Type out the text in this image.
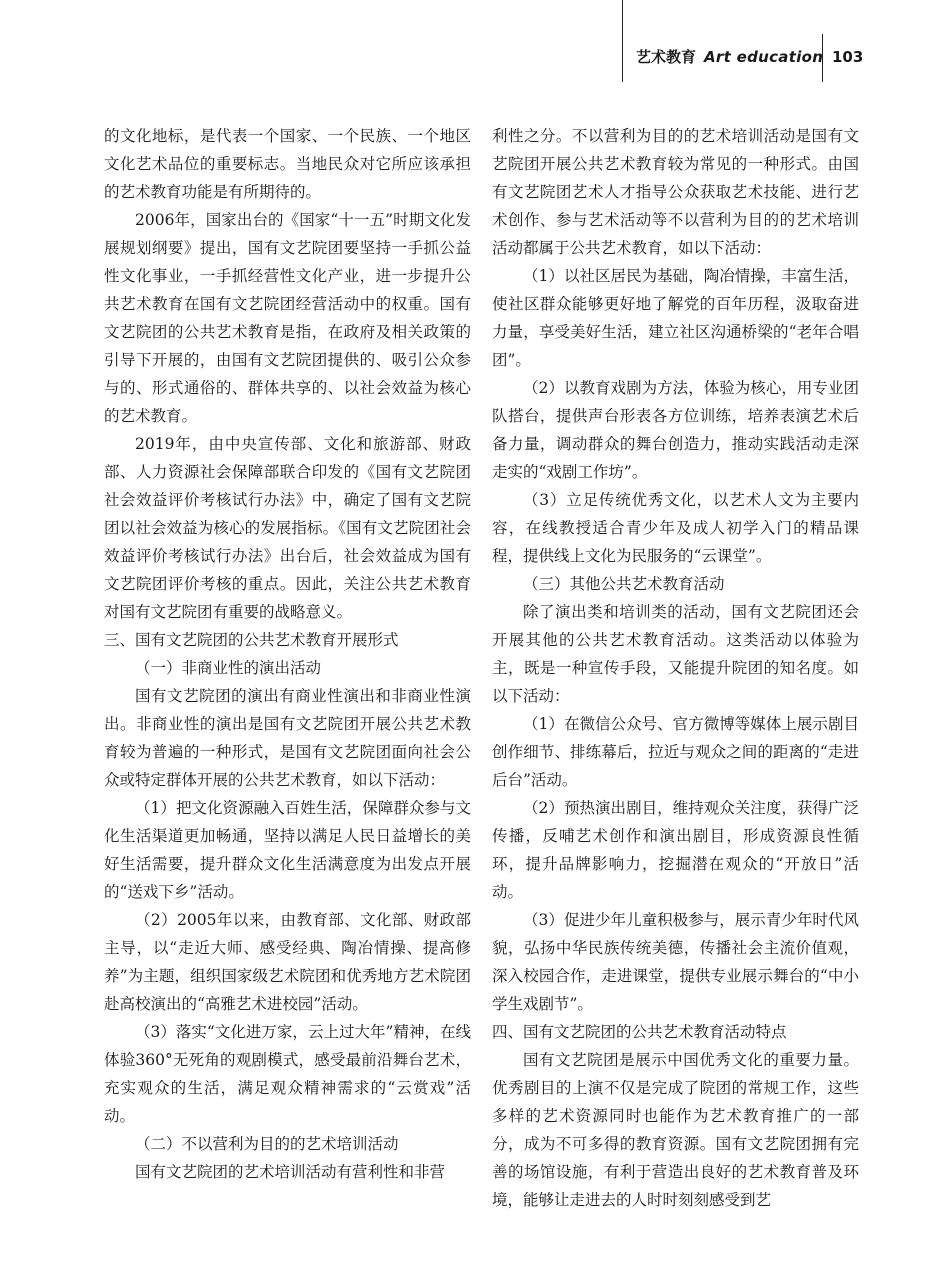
艺术教育 Art education 103

的文化地标，是代表一个国家、一个民族、一个地区文化艺术品位的重要标志。当地民众对它所应该承担的艺术教育功能是有所期待的。

2006年，国家出台的《国家“十一五”时期文化发展规划纲要》提出，国有文艺院团要坚持一手抓公益性文化事业，一手抓经营性文化产业，进一步提升公共艺术教育在国有文艺院团经营活动中的权重。国有文艺院团的公共艺术教育是指，在政府及相关政策的引导下开展的，由国有文艺院团提供的、吸引公众参与的、形式通俗的、群体共享的、以社会效益为核心的艺术教育。

2019年，由中央宣传部、文化和旅游部、财政部、人力资源社会保障部联合印发的《国有文艺院团社会效益评价考核试行办法》中，确定了国有文艺院团以社会效益为核心的发展指标。《国有文艺院团社会效益评价考核试行办法》出台后，社会效益成为国有文艺院团评价考核的重点。因此，关注公共艺术教育对国有文艺院团有重要的战略意义。

三、国有文艺院团的公共艺术教育开展形式

（一）非商业性的演出活动

国有文艺院团的演出有商业性演出和非商业性演出。非商业性的演出是国有文艺院团开展公共艺术教育较为普遍的一种形式，是国有文艺院团面向社会公众或特定群体开展的公共艺术教育，如以下活动：

（1）把文化资源融入百姓生活，保障群众参与文化生活渠道更加畅通，坚持以满足人民日益增长的美好生活需要，提升群众文化生活满意度为出发点开展的“送戏下乡”活动。

（2）2005年以来，由教育部、文化部、财政部主导，以“走近大师、感受经典、陶冶情操、提高修养”为主题，组织国家级艺术院团和优秀地方艺术院团赴高校演出的“高雅艺术进校园”活动。

（3）落实“文化进万家，云上过大年”精神，在线体验360°无死角的观剧模式，感受最前沿舞台艺术，充实观众的生活，满足观众精神需求的“云赏戏”活动。

（二）不以营利为目的的艺术培训活动

国有文艺院团的艺术培训活动有营利性和非营

利性之分。不以营利为目的的艺术培训活动是国有文艺院团开展公共艺术教育较为常见的一种形式。由国有文艺院团艺术人才指导公众获取艺术技能、进行艺术创作、参与艺术活动等不以营利为目的的艺术培训活动都属于公共艺术教育，如以下活动：

（1）以社区居民为基础，陶冶情操，丰富生活，使社区群众能够更好地了解党的百年历程，汲取奋进力量，享受美好生活，建立社区沟通桥梁的“老年合唱团”。

（2）以教育戏剧为方法，体验为核心，用专业团队搭台，提供声台形表各方位训练，培养表演艺术后备力量，调动群众的舞台创造力，推动实践活动走深走实的“戏剧工作坊”。

（3）立足传统优秀文化，以艺术人文为主要内容，在线教授适合青少年及成人初学入门的精品课程，提供线上文化为民服务的“云课堂”。

（三）其他公共艺术教育活动

除了演出类和培训类的活动，国有文艺院团还会开展其他的公共艺术教育活动。这类活动以体验为主，既是一种宣传手段，又能提升院团的知名度。如以下活动：

（1）在微信公众号、官方微博等媒体上展示剧目创作细节、排练幕后，拉近与观众之间的距离的“走进后台”活动。

（2）预热演出剧目，维持观众关注度，获得广泛传播，反哺艺术创作和演出剧目，形成资源良性循环，提升品牌影响力，挖掘潜在观众的“开放日”活动。

（3）促进少年儿童积极参与，展示青少年时代风貌，弘扬中华民族传统美德，传播社会主流价值观，深入校园合作，走进课堂，提供专业展示舞台的“中小学生戏剧节”。

四、国有文艺院团的公共艺术教育活动特点

国有文艺院团是展示中国优秀文化的重要力量。优秀剧目的上演不仅是完成了院团的常规工作，这些多样的艺术资源同时也能作为艺术教育推广的一部分，成为不可多得的教育资源。国有文艺院团拥有完善的场馆设施，有利于营造出良好的艺术教育普及环境，能够让走进去的人时时刻刻感受到艺
